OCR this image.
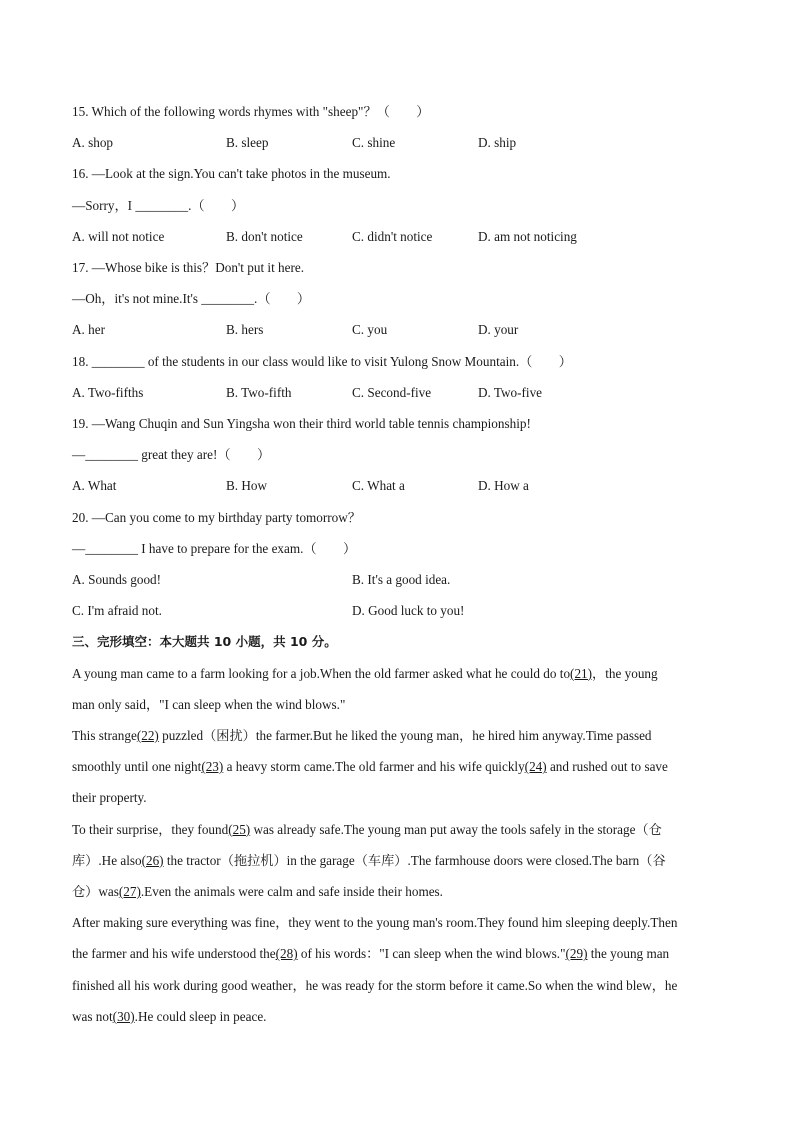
15. Which of the following words rhymes with "sheep"？（　　）
A. shop	B. sleep	C. shine	D. ship
16. —Look at the sign.You can't take photos in the museum.
—Sorry，I ________.（　　）
A. will not notice	B. don't notice	C. didn't notice	D. am not noticing
17. —Whose bike is this？Don't put it here.
—Oh，it's not mine.It's ________.（　　）
A. her	B. hers	C. you	D. your
18. ________ of the students in our class would like to visit Yulong Snow Mountain.（　　）
A. Two-fifths	B. Two-fifth	C. Second-five	D. Two-five
19. —Wang Chuqin and Sun Yingsha won their third world table tennis championship!
—________ great they are!（　　）
A. What	B. How	C. What a	D. How a
20. —Can you come to my birthday party tomorrow？
—________ I have to prepare for the exam.（　　）
A. Sounds good!	B. It's a good idea.
C. I'm afraid not.	D. Good luck to you!
三、完形填空：本大题共 10 小题，共 10 分。
A young man came to a farm looking for a job.When the old farmer asked what he could do to(21)，the young
man only said，"I can sleep when the wind blows."
This strange(22) puzzled（困扰）the farmer.But he liked the young man，he hired him anyway.Time passed
smoothly until one night(23) a heavy storm came.The old farmer and his wife quickly(24) and rushed out to save
their property.
To their surprise，they found(25) was already safe.The young man put away the tools safely in the storage（仓
库）.He also(26) the tractor（拖拉机）in the garage（车库）.The farmhouse doors were closed.The barn（谷
仓）was(27).Even the animals were calm and safe inside their homes.
After making sure everything was fine，they went to the young man's room.They found him sleeping deeply.Then
the farmer and his wife understood the(28) of his words："I can sleep when the wind blows."(29) the young man
finished all his work during good weather，he was ready for the storm before it came.So when the wind blew，he
was not(30).He could sleep in peace.
